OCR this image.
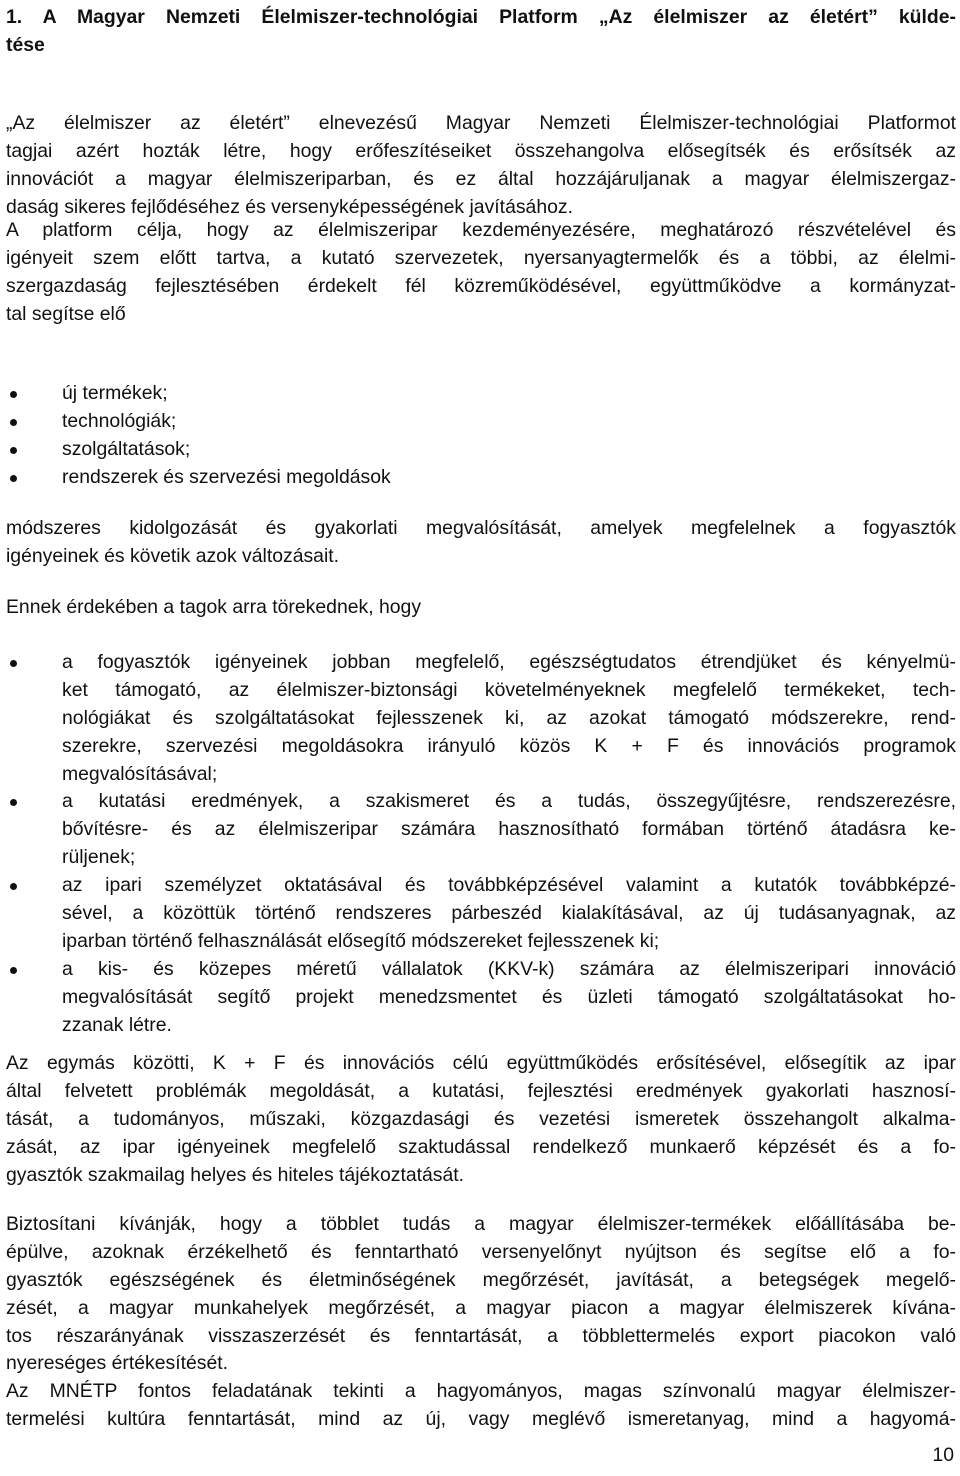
1. A Magyar Nemzeti Élelmiszer-technológiai Platform „Az élelmiszer az életért” külde-
tése

„Az élelmiszer az életért” elnevezésű Magyar Nemzeti Élelmiszer-technológiai Platformot
tagjai azért hozták létre, hogy erőfeszítéseiket összehangolva elősegítsék és erősítsék az
innovációt a magyar élelmiszeriparban, és ez által hozzájáruljanak a magyar élelmiszergaz-
daság sikeres fejlődéséhez és versenyképességének javításához.

A platform célja, hogy az élelmiszeripar kezdeményezésére, meghatározó részvételével és
igényeit szem előtt tartva, a kutató szervezetek, nyersanyagtermelők és a többi, az élelmi-
szergazdaság fejlesztésében érdekelt fél közreműködésével, együttműködve a kormányzat-
tal segítse elő

új termékek;
technológiák;
szolgáltatások;
rendszerek és szervezési megoldások

módszeres kidolgozását és gyakorlati megvalósítását, amelyek megfelelnek a fogyasztók
igényeinek és követik azok változásait.

Ennek érdekében a tagok arra törekednek, hogy

a fogyasztók igényeinek jobban megfelelő, egészségtudatos étrendjüket és kényelmü-
ket támogató, az élelmiszer-biztonsági követelményeknek megfelelő termékeket, tech-
nológiákat és szolgáltatásokat fejlesszenek ki, az azokat támogató módszerekre, rend-
szerekre, szervezési megoldásokra irányuló közös K + F és innovációs programok
megvalósításával;
a kutatási eredmények, a szakismeret és a tudás, összegyűjtésre, rendszerezésre,
bővítésre- és az élelmiszeripar számára hasznosítható formában történő átadásra ke-
rüljenek;
az ipari személyzet oktatásával és továbbképzésével valamint a kutatók továbbképzé-
sével, a közöttük történő rendszeres párbeszéd kialakításával, az új tudásanyagnak, az
iparban történő felhasználását elősegítő módszereket fejlesszenek ki;
a kis- és közepes méretű vállalatok (KKV-k) számára az élelmiszeripari innováció
megvalósítását segítő projekt menedzsmentet és üzleti támogató szolgáltatásokat ho-
zzanak létre.

Az egymás közötti, K + F és innovációs célú együttműködés erősítésével, elősegítik az ipar
által felvetett problémák megoldását, a kutatási, fejlesztési eredmények gyakorlati hasznosí-
tását, a tudományos, műszaki, közgazdasági és vezetési ismeretek összehangolt alkalma-
zását, az ipar igényeinek megfelelő szaktudással rendelkező munkaerő képzését és a fo-
gyasztók szakmailag helyes és hiteles tájékoztatását.

Biztosítani kívánják, hogy a többlet tudás a magyar élelmiszer-termékek előállításába be-
épülve, azoknak érzékelhető és fenntartható versenyelőnyt nyújtson és segítse elő a fo-
gyasztók egészségének és életminőségének megőrzését, javítását, a betegségek megelő-
zését, a magyar munkahelyek megőrzését, a magyar piacon a magyar élelmiszerek kívána-
tos részarányának visszaszerzését és fenntartását, a többlettermelés export piacokon való
nyereséges értékesítését.

Az MNÉTP fontos feladatának tekinti a hagyományos, magas színvonalú magyar élelmiszer-
termelési kultúra fenntartását, mind az új, vagy meglévő ismeretanyag, mind a hagyomá-

10
